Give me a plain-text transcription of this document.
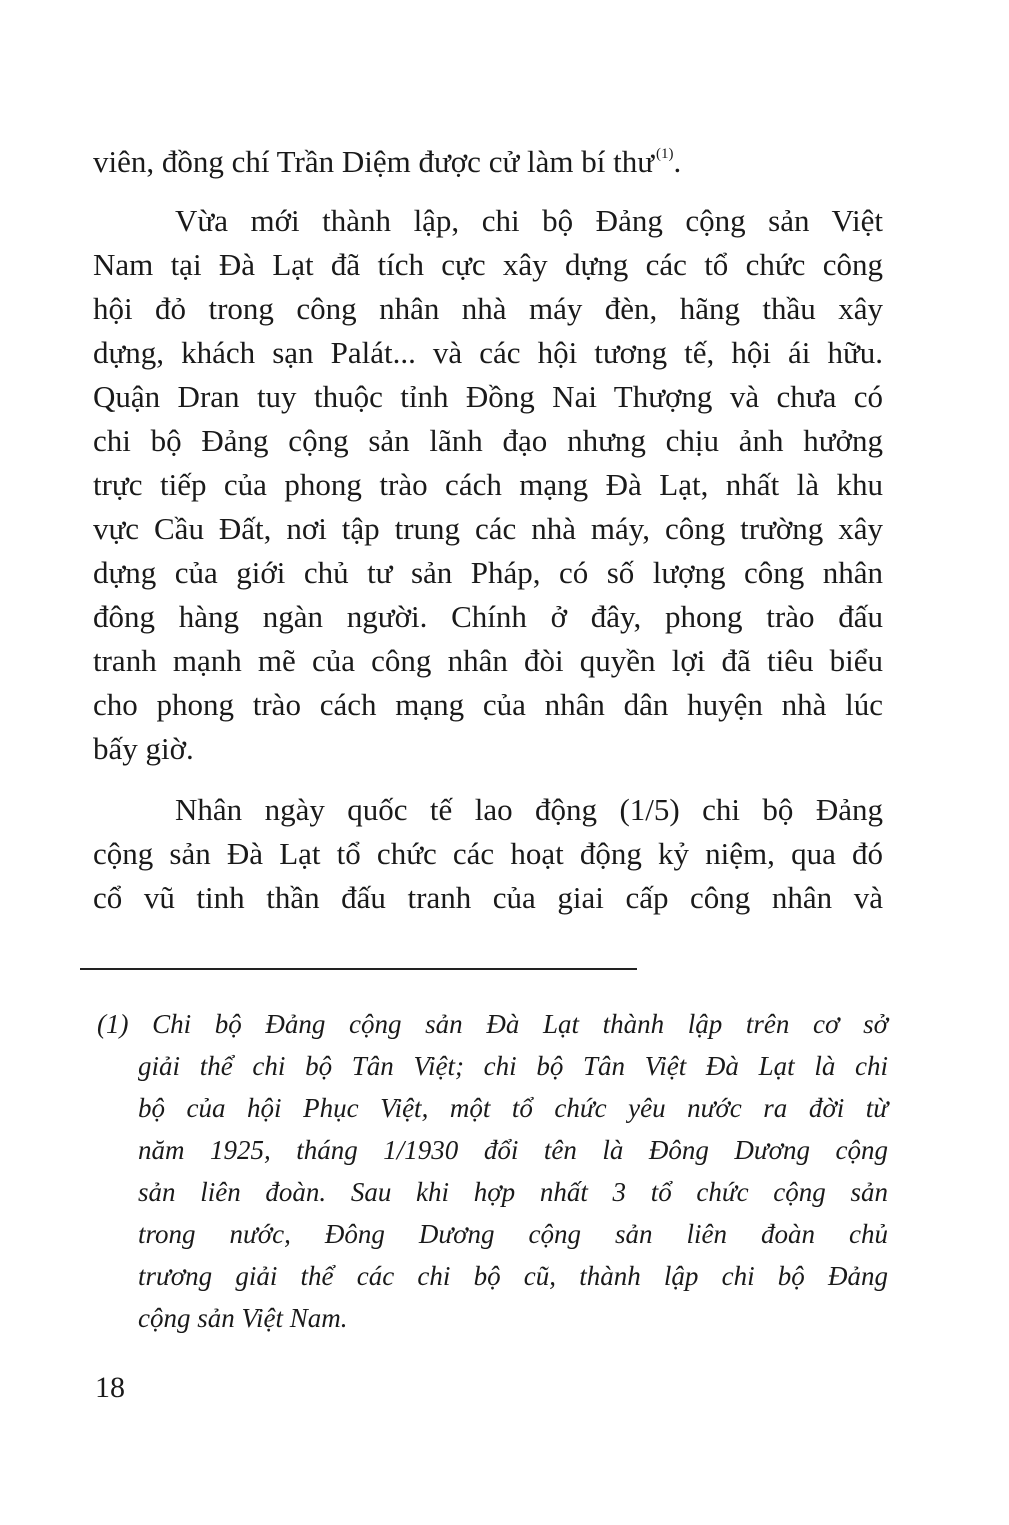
viên, đồng chí Trần Diệm được cử làm bí thư $^{(1)}$.
Vừa mới thành lập, chi bộ Đảng cộng sản Việt
Nam tại Đà Lạt đã tích cực xây dựng các tổ chức công
hội đỏ trong công nhân nhà máy đèn, hãng thầu xây
dựng, khách sạn Palát... và các hội tương tế, hội ái hữu.
Quận Dran tuy thuộc tỉnh Đồng Nai Thượng và chưa có
chi bộ Đảng cộng sản lãnh đạo nhưng chịu ảnh hưởng
trực tiếp của phong trào cách mạng Đà Lạt, nhất là khu
vực Cầu Đất, nơi tập trung các nhà máy, công trường xây
dựng của giới chủ tư sản Pháp, có số lượng công nhân
đông hàng ngàn người. Chính ở đây, phong trào đấu
tranh mạnh mẽ của công nhân đòi quyền lợi đã tiêu biểu
cho phong trào cách mạng của nhân dân huyện nhà lúc
bấy giờ.
Nhân ngày quốc tế lao động (1/5) chi bộ Đảng
cộng sản Đà Lạt tổ chức các hoạt động kỷ niệm, qua đó
cổ vũ tinh thần đấu tranh của giai cấp công nhân và
(1) Chi bộ Đảng cộng sản Đà Lạt thành lập trên cơ sở
giải thể chi bộ Tân Việt; chi bộ Tân Việt Đà Lạt là chi
bộ của hội Phục Việt, một tổ chức yêu nước ra đời từ
năm 1925, tháng 1/1930 đổi tên là Đông Dương cộng
sản liên đoàn. Sau khi hợp nhất 3 tổ chức cộng sản
trong nước, Đông Dương cộng sản liên đoàn chủ
trương giải thể các chi bộ cũ, thành lập chi bộ Đảng
cộng sản Việt Nam.
18
